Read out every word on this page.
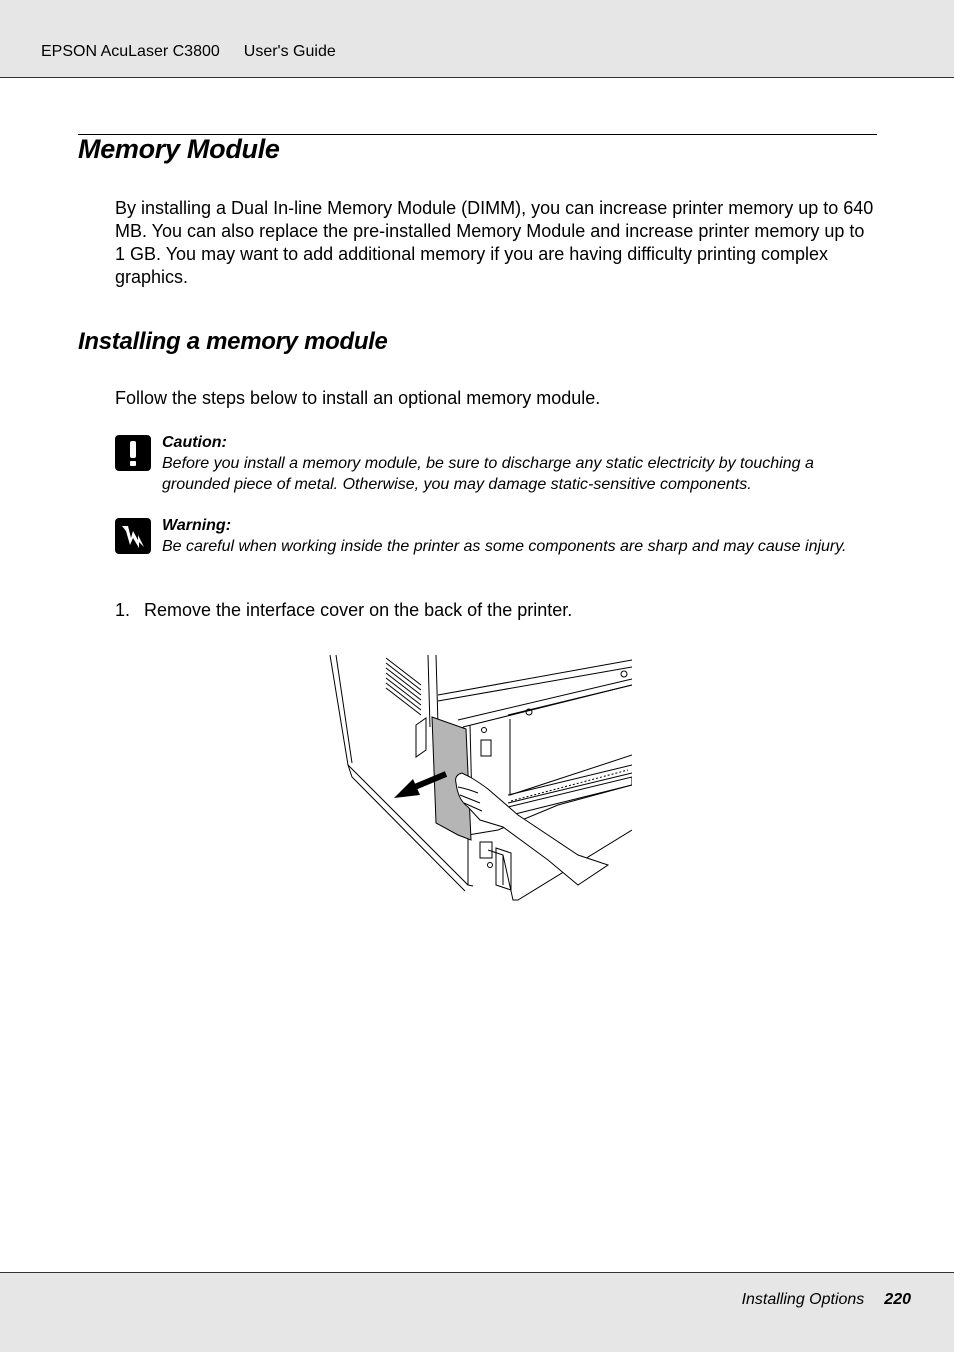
EPSON AcuLaser C3800 User's Guide
Memory Module

By installing a Dual In-line Memory Module (DIMM), you can increase printer memory up to 640 MB. You can also replace the pre-installed Memory Module and increase printer memory up to 1 GB. You may want to add additional memory if you are having difficulty printing complex graphics.

Installing a memory module

Follow the steps below to install an optional memory module.

Caution:
Before you install a memory module, be sure to discharge any static electricity by touching a grounded piece of metal. Otherwise, you may damage static-sensitive components.
Warning:
Be careful when working inside the printer as some components are sharp and may cause injury.
1. Remove the interface cover on the back of the printer.
Installing Options 220
